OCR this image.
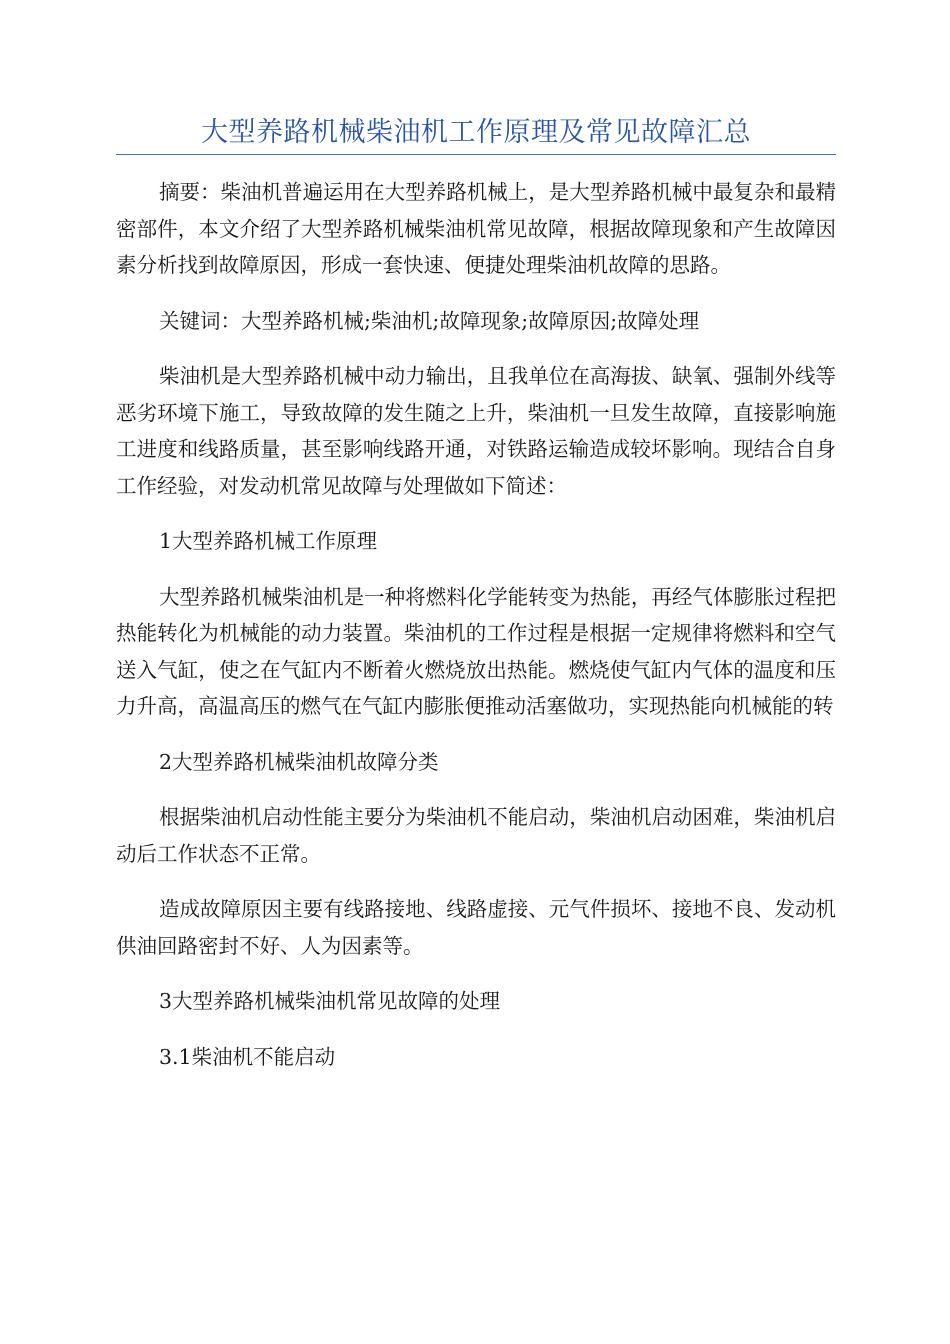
大型养路机械柴油机工作原理及常见故障汇总

摘要：柴油机普遍运用在大型养路机械上，是大型养路机械中最复杂和最精密部件，本文介绍了大型养路机械柴油机常见故障，根据故障现象和产生故障因素分析找到故障原因，形成一套快速、便捷处理柴油机故障的思路。

关键词：大型养路机械;柴油机;故障现象;故障原因;故障处理

柴油机是大型养路机械中动力输出，且我单位在高海拔、缺氧、强制外线等恶劣环境下施工，导致故障的发生随之上升，柴油机一旦发生故障，直接影响施工进度和线路质量，甚至影响线路开通，对铁路运输造成较坏影响。现结合自身工作经验，对发动机常见故障与处理做如下简述：

1大型养路机械工作原理

大型养路机械柴油机是一种将燃料化学能转变为热能，再经气体膨胀过程把热能转化为机械能的动力装置。柴油机的工作过程是根据一定规律将燃料和空气送入气缸，使之在气缸内不断着火燃烧放出热能。燃烧使气缸内气体的温度和压力升高，高温高压的燃气在气缸内膨胀便推动活塞做功，实现热能向机械能的转

2大型养路机械柴油机故障分类

根据柴油机启动性能主要分为柴油机不能启动，柴油机启动困难，柴油机启动后工作状态不正常。

造成故障原因主要有线路接地、线路虚接、元气件损坏、接地不良、发动机供油回路密封不好、人为因素等。

3大型养路机械柴油机常见故障的处理

3.1柴油机不能启动
